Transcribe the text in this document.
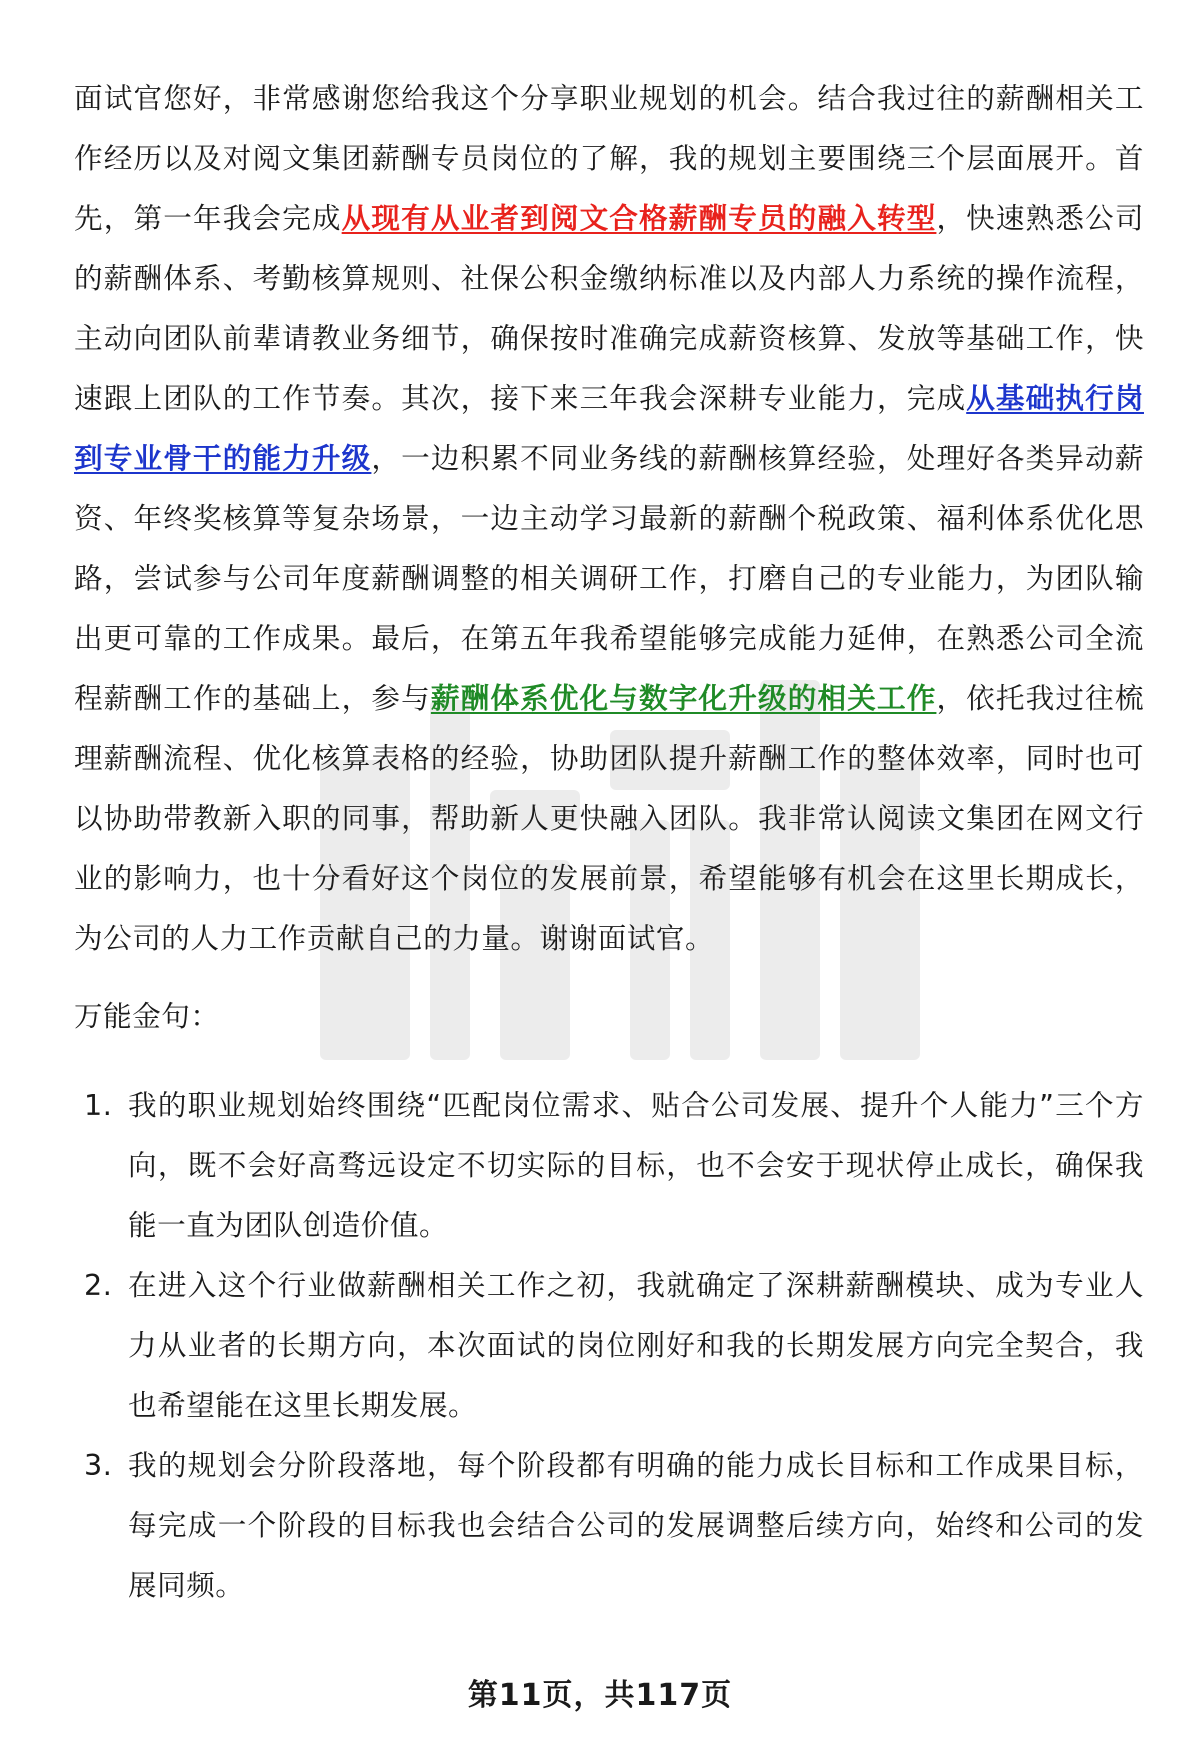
面试官您好，非常感谢您给我这个分享职业规划的机会。结合我过往的薪酬相关工作经历以及对阅文集团薪酬专员岗位的了解，我的规划主要围绕三个层面展开。首先，第一年我会完成从现有从业者到阅文合格薪酬专员的融入转型，快速熟悉公司的薪酬体系、考勤核算规则、社保公积金缴纳标准以及内部人力系统的操作流程，主动向团队前辈请教业务细节，确保按时准确完成薪资核算、发放等基础工作，快速跟上团队的工作节奏。其次，接下来三年我会深耕专业能力，完成从基础执行岗到专业骨干的能力升级，一边积累不同业务线的薪酬核算经验，处理好各类异动薪资、年终奖核算等复杂场景，一边主动学习最新的薪酬个税政策、福利体系优化思路，尝试参与公司年度薪酬调整的相关调研工作，打磨自己的专业能力，为团队输出更可靠的工作成果。最后，在第五年我希望能够完成能力延伸，在熟悉公司全流程薪酬工作的基础上，参与薪酬体系优化与数字化升级的相关工作，依托我过往梳理薪酬流程、优化核算表格的经验，协助团队提升薪酬工作的整体效率，同时也可以协助带教新入职的同事，帮助新人更快融入团队。我非常认阅读文集团在网文行业的影响力，也十分看好这个岗位的发展前景，希望能够有机会在这里长期成长，为公司的人力工作贡献自己的力量。谢谢面试官。

万能金句：

1. 我的职业规划始终围绕“匹配岗位需求、贴合公司发展、提升个人能力”三个方向，既不会好高骛远设定不切实际的目标，也不会安于现状停止成长，确保我能一直为团队创造价值。
2. 在进入这个行业做薪酬相关工作之初，我就确定了深耕薪酬模块、成为专业人力从业者的长期方向，本次面试的岗位刚好和我的长期发展方向完全契合，我也希望能在这里长期发展。
3. 我的规划会分阶段落地，每个阶段都有明确的能力成长目标和工作成果目标，每完成一个阶段的目标我也会结合公司的发展调整后续方向，始终和公司的发展同频。

第11页，共117页
